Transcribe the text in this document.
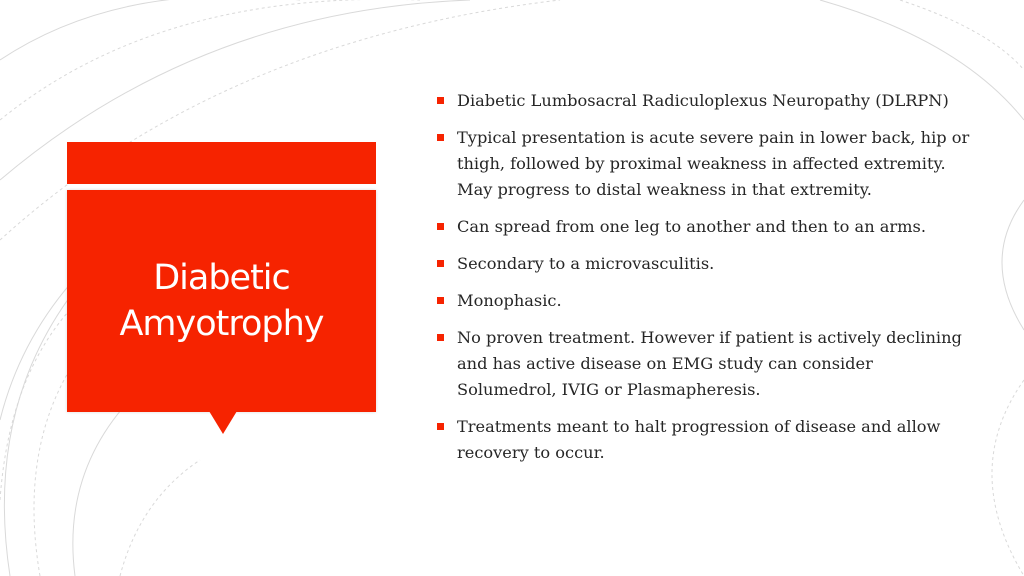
Diabetic Amyotrophy
Diabetic Lumbosacral Radiculoplexus Neuropathy (DLRPN)
Typical presentation is acute severe pain in lower back, hip or thigh, followed by proximal weakness in affected extremity. May progress to distal weakness in that extremity.
Can spread from one leg to another and then to an arms.
Secondary to a microvasculitis.
Monophasic.
No proven treatment. However if patient is actively declining and has active disease on EMG study can consider Solumedrol, IVIG or Plasmapheresis.
Treatments meant to halt progression of disease and allow recovery to occur.
